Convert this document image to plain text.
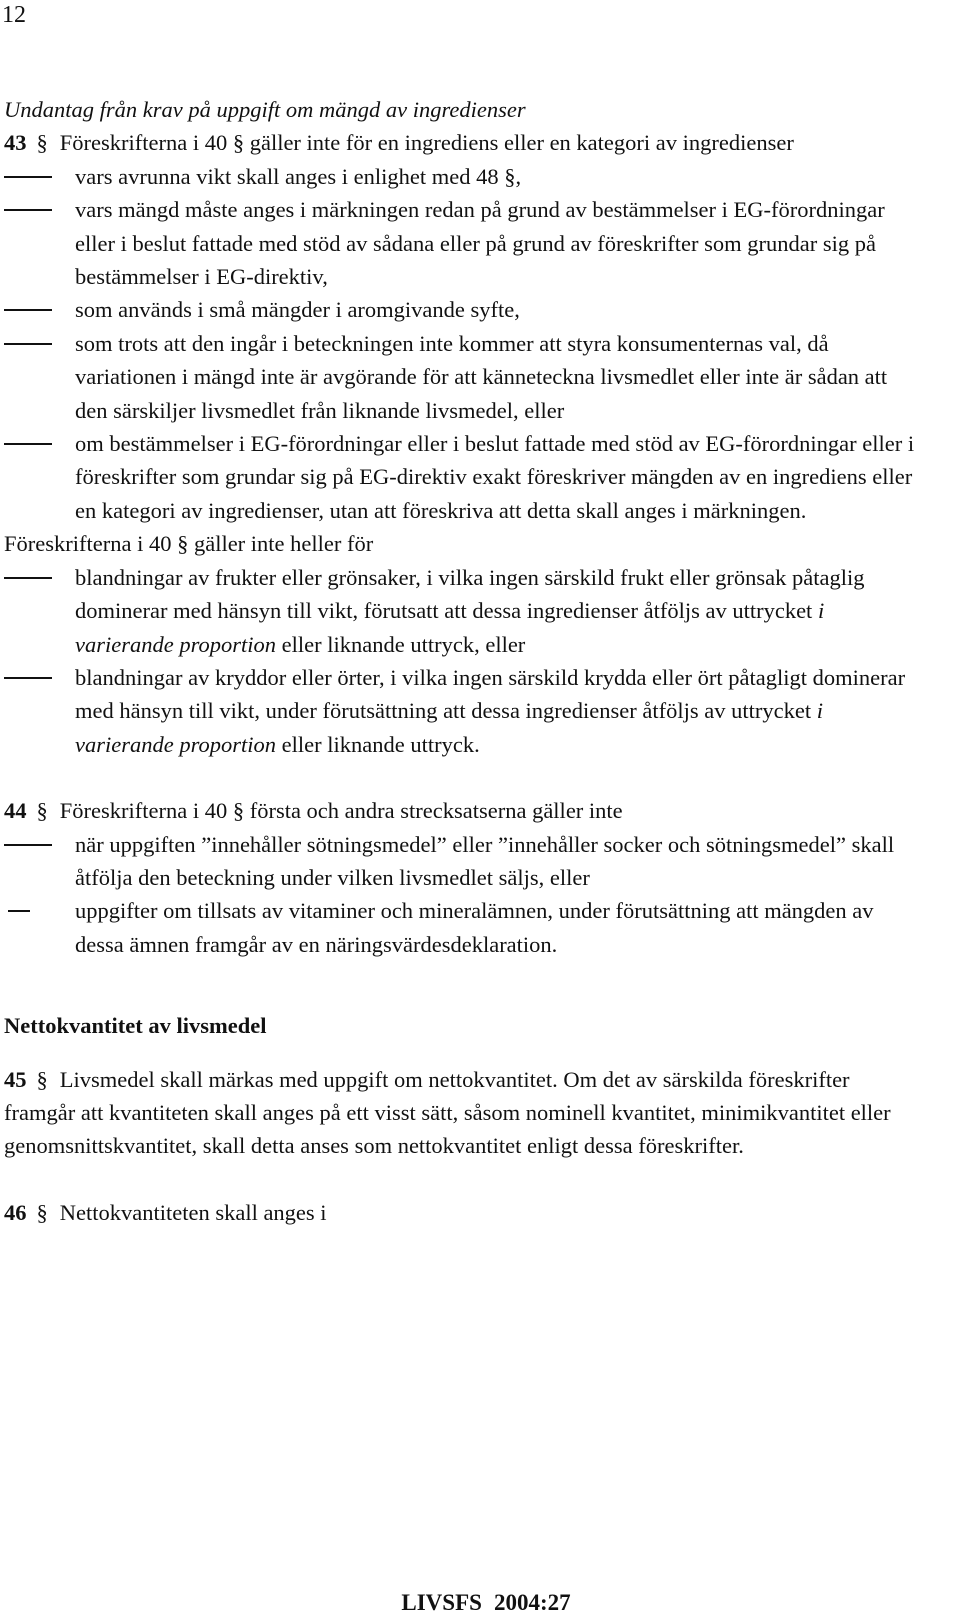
12

Undantag från krav på uppgift om mängd av ingredienser

43 § Föreskrifterna i 40 § gäller inte för en ingrediens eller en kategori av ingredienser

vars avrunna vikt skall anges i enlighet med 48 §,
vars mängd måste anges i märkningen redan på grund av bestämmelser i EG-förordningar eller i beslut fattade med stöd av sådana eller på grund av föreskrifter som grundar sig på bestämmelser i EG-direktiv,
som används i små mängder i aromgivande syfte,
som trots att den ingår i beteckningen inte kommer att styra konsumenternas val, då variationen i mängd inte är avgörande för att känneteckna livsmedlet eller inte är sådan att den särskiljer livsmedlet från liknande livsmedel, eller
om bestämmelser i EG-förordningar eller i beslut fattade med stöd av EG-förordningar eller i föreskrifter som grundar sig på EG-direktiv exakt föreskriver mängden av en ingrediens eller en kategori av ingredienser, utan att föreskriva att detta skall anges i märkningen.

Föreskrifterna i 40 § gäller inte heller för

blandningar av frukter eller grönsaker, i vilka ingen särskild frukt eller grönsak påtaglig dominerar med hänsyn till vikt, förutsatt att dessa ingredienser åtföljs av uttrycket i varierande proportion eller liknande uttryck, eller
blandningar av kryddor eller örter, i vilka ingen särskild krydda eller ört påtagligt dominerar med hänsyn till vikt, under förutsättning att dessa ingredienser åtföljs av uttrycket i varierande proportion eller liknande uttryck.

44 § Föreskrifterna i 40 § första och andra strecksatserna gäller inte

när uppgiften ”innehåller sötningsmedel” eller ”innehåller socker och sötningsmedel” skall åtfölja den beteckning under vilken livsmedlet säljs, eller
uppgifter om tillsats av vitaminer och mineralämnen, under förutsättning att mängden av dessa ämnen framgår av en näringsvärdesdeklaration.

Nettokvantitet av livsmedel

45 § Livsmedel skall märkas med uppgift om nettokvantitet. Om det av särskilda föreskrifter framgår att kvantiteten skall anges på ett visst sätt, såsom nominell kvantitet, minimikvantitet eller genomsnittskvantitet, skall detta anses som nettokvantitet enligt dessa föreskrifter.

46 § Nettokvantiteten skall anges i

LIVSFS 2004:27
